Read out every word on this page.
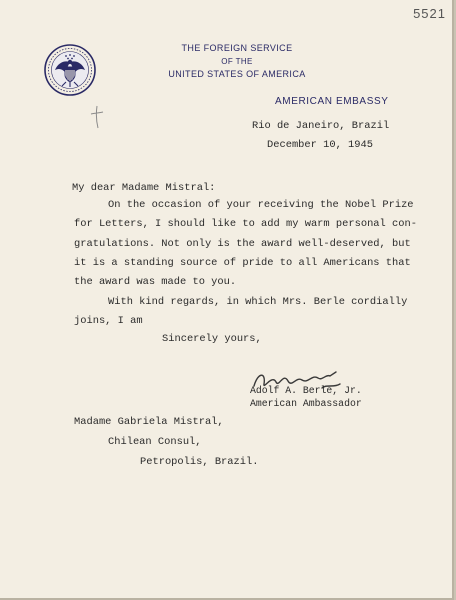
5521
THE FOREIGN SERVICE
OF THE
UNITED STATES OF AMERICA
AMERICAN EMBASSY
Rio de Janeiro, Brazil
December 10, 1945
My dear Madame Mistral:
On the occasion of your receiving the Nobel Prize
for Letters, I should like to add my warm personal con-
gratulations. Not only is the award well-deserved, but
it is a standing source of pride to all Americans that
the award was made to you.
With kind regards, in which Mrs. Berle cordially
joins, I am
Sincerely yours,
Adolf A. Berle, Jr.
American Ambassador
Madame Gabriela Mistral,
Chilean Consul,
Petropolis, Brazil.
